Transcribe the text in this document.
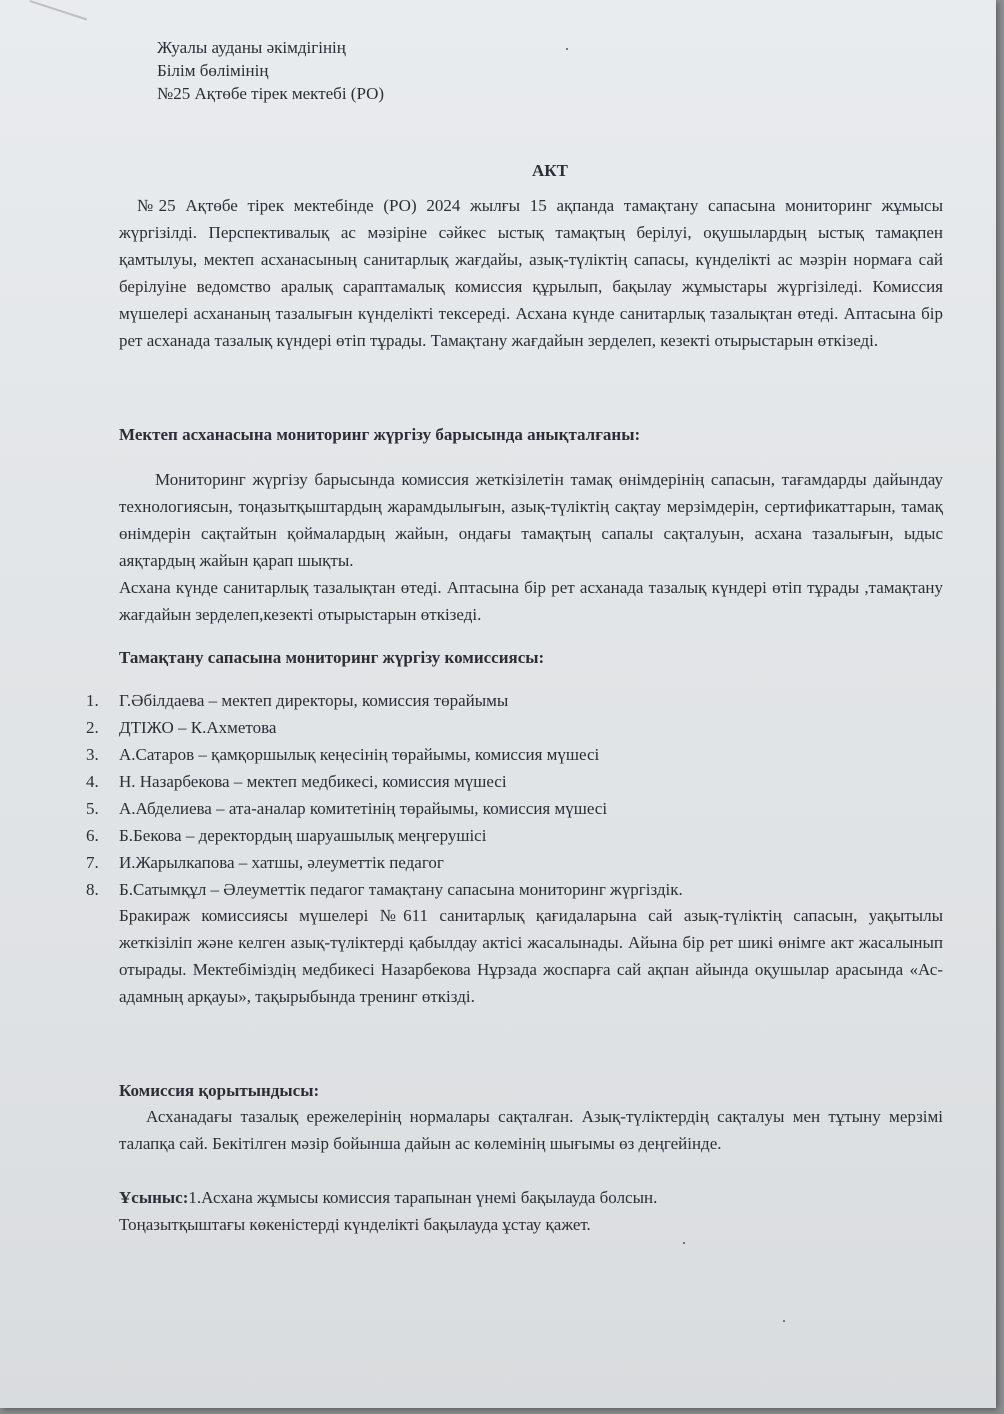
Жуалы ауданы әкімдігінің
Білім бөлімінің
№25 Ақтөбе тірек мектебі (РО)
АКТ
№25 Ақтөбе тірек мектебінде (РО) 2024 жылғы 15 ақпанда тамақтану сапасына мониторинг жұмысы жүргізілді. Перспективалық ас мәзіріне сәйкес ыстық тамақтың берілуі, оқушылардың ыстық тамақпен қамтылуы, мектеп асханасының санитарлық жағдайы, азық-түліктің сапасы, күнделікті ас мәзрін нормаға сай берілуіне ведомство аралық сараптамалық комиссия құрылып, бақылау жұмыстары жүргізіледі. Комиссия мүшелері асхананың тазалығын күнделікті тексереді. Асхана күнде санитарлық тазалықтан өтеді. Аптасына бір рет асханада тазалық күндері өтіп тұрады. Тамақтану жағдайын зерделеп, кезекті отырыстарын өткізеді.
Мектеп асханасына мониторинг жүргізу барысында анықталғаны:
Мониторинг жүргізу барысында комиссия жеткізілетін тамақ өнімдерінің сапасын, тағамдарды дайындау технологиясын, тоңазытқыштардың жарамдылығын, азық-түліктің сақтау мерзімдерін, сертификаттарын, тамақ өнімдерін сақтайтын қоймалардың жайын, ондағы тамақтың сапалы сақталуын, асхана тазалығын, ыдыс аяқтардың жайын қарап шықты.
Асхана күнде санитарлық тазалықтан өтеді. Аптасына бір рет асханада тазалық күндері өтіп тұрады ,тамақтану жағдайын зерделеп,кезекті отырыстарын өткізеді.
Тамақтану сапасына мониторинг жүргізу комиссиясы:
1.	Г.Әбілдаева – мектеп директоры, комиссия төрайымы
2.	ДТІЖО – К.Ахметова
3.	А.Сатаров – қамқоршылық кеңесінің төрайымы, комиссия мүшесі
4.	Н. Назарбекова – мектеп медбикесі, комиссия мүшесі
5.	А.Абделиева – ата-аналар комитетінің төрайымы, комиссия мүшесі
6.	Б.Бекова – деректордың шаруашылық меңгерушісі
7.	И.Жарылкапова – хатшы, әлеуметтік педагог
8.	Б.Сатымқұл – Әлеуметтік педагог тамақтану сапасына мониторинг жүргіздік.
Бракираж комиссиясы мүшелері №611 санитарлық қағидаларына сай азық-түліктің сапасын, уақытылы жеткізіліп және келген азық-түліктерді қабылдау актісі жасалынады. Айына бір рет шикі өнімге акт жасалынып отырады. Мектебіміздің медбикесі Назарбекова Нұрзада жоспарға сай ақпан айында оқушылар арасында «Ас-адамның арқауы», тақырыбында тренинг өткізді.
Комиссия қорытындысы:
Асханадағы тазалық ережелерінің нормалары сақталған. Азық-түліктердің сақталуы мен тұтыну мерзімі талапқа сай. Бекітілген мәзір бойынша дайын ас көлемінің шығымы өз деңгейінде.
Ұсыныс:1.Асхана жұмысы комиссия тарапынан үнемі бақылауда болсын.
Тоңазытқыштағы көкеністерді күнделікті бақылауда ұстау қажет.
